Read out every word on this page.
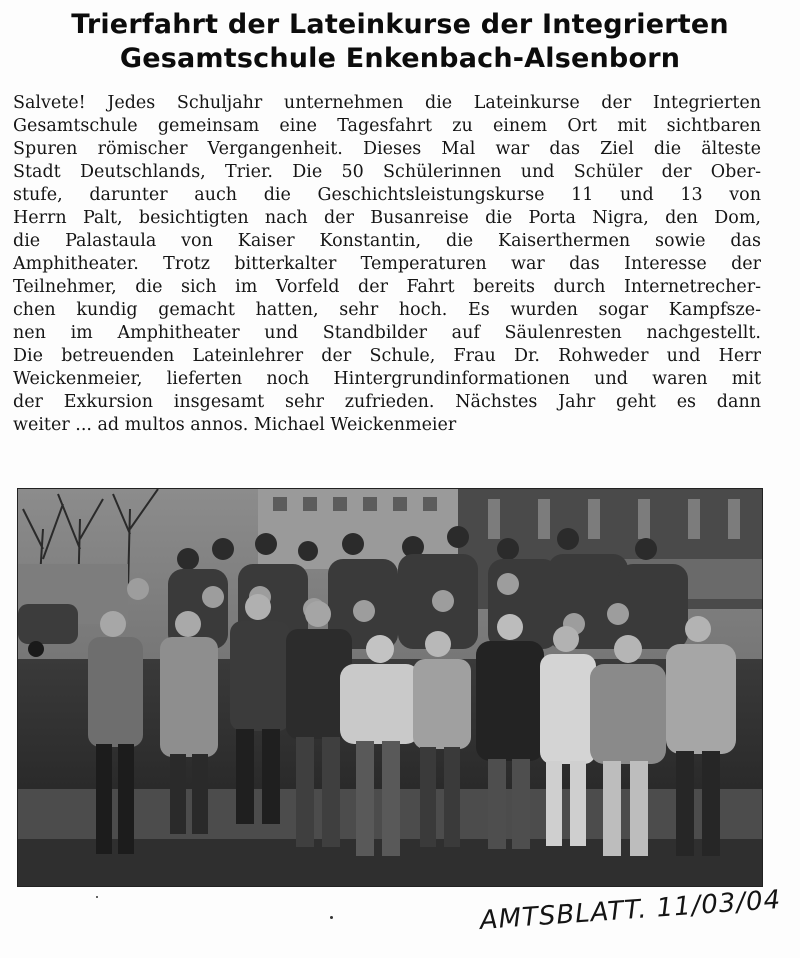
Trierfahrt der Lateinkurse der Integrierten
Gesamtschule Enkenbach-Alsenborn
Salvete! Jedes Schuljahr unternehmen die Lateinkurse der Integrierten
Gesamtschule gemeinsam eine Tagesfahrt zu einem Ort mit sichtbaren
Spuren römischer Vergangenheit. Dieses Mal war das Ziel die älteste
Stadt Deutschlands, Trier. Die 50 Schülerinnen und Schüler der Ober-
stufe, darunter auch die Geschichtsleistungskurse 11 und 13 von
Herrn Palt, besichtigten nach der Busanreise die Porta Nigra, den Dom,
die Palastaula von Kaiser Konstantin, die Kaiserthermen sowie das
Amphitheater. Trotz bitterkalter Temperaturen war das Interesse der
Teilnehmer, die sich im Vorfeld der Fahrt bereits durch Internetrecher-
chen kundig gemacht hatten, sehr hoch. Es wurden sogar Kampfsze-
nen im Amphitheater und Standbilder auf Säulenresten nachgestellt.
Die betreuenden Lateinlehrer der Schule, Frau Dr. Rohweder und Herr
Weickenmeier, lieferten noch Hintergrundinformationen und waren mit
der Exkursion insgesamt sehr zufrieden. Nächstes Jahr geht es dann
weiter ... ad multos annos. Michael Weickenmeier
AMTSBLATT. 11/03/04
